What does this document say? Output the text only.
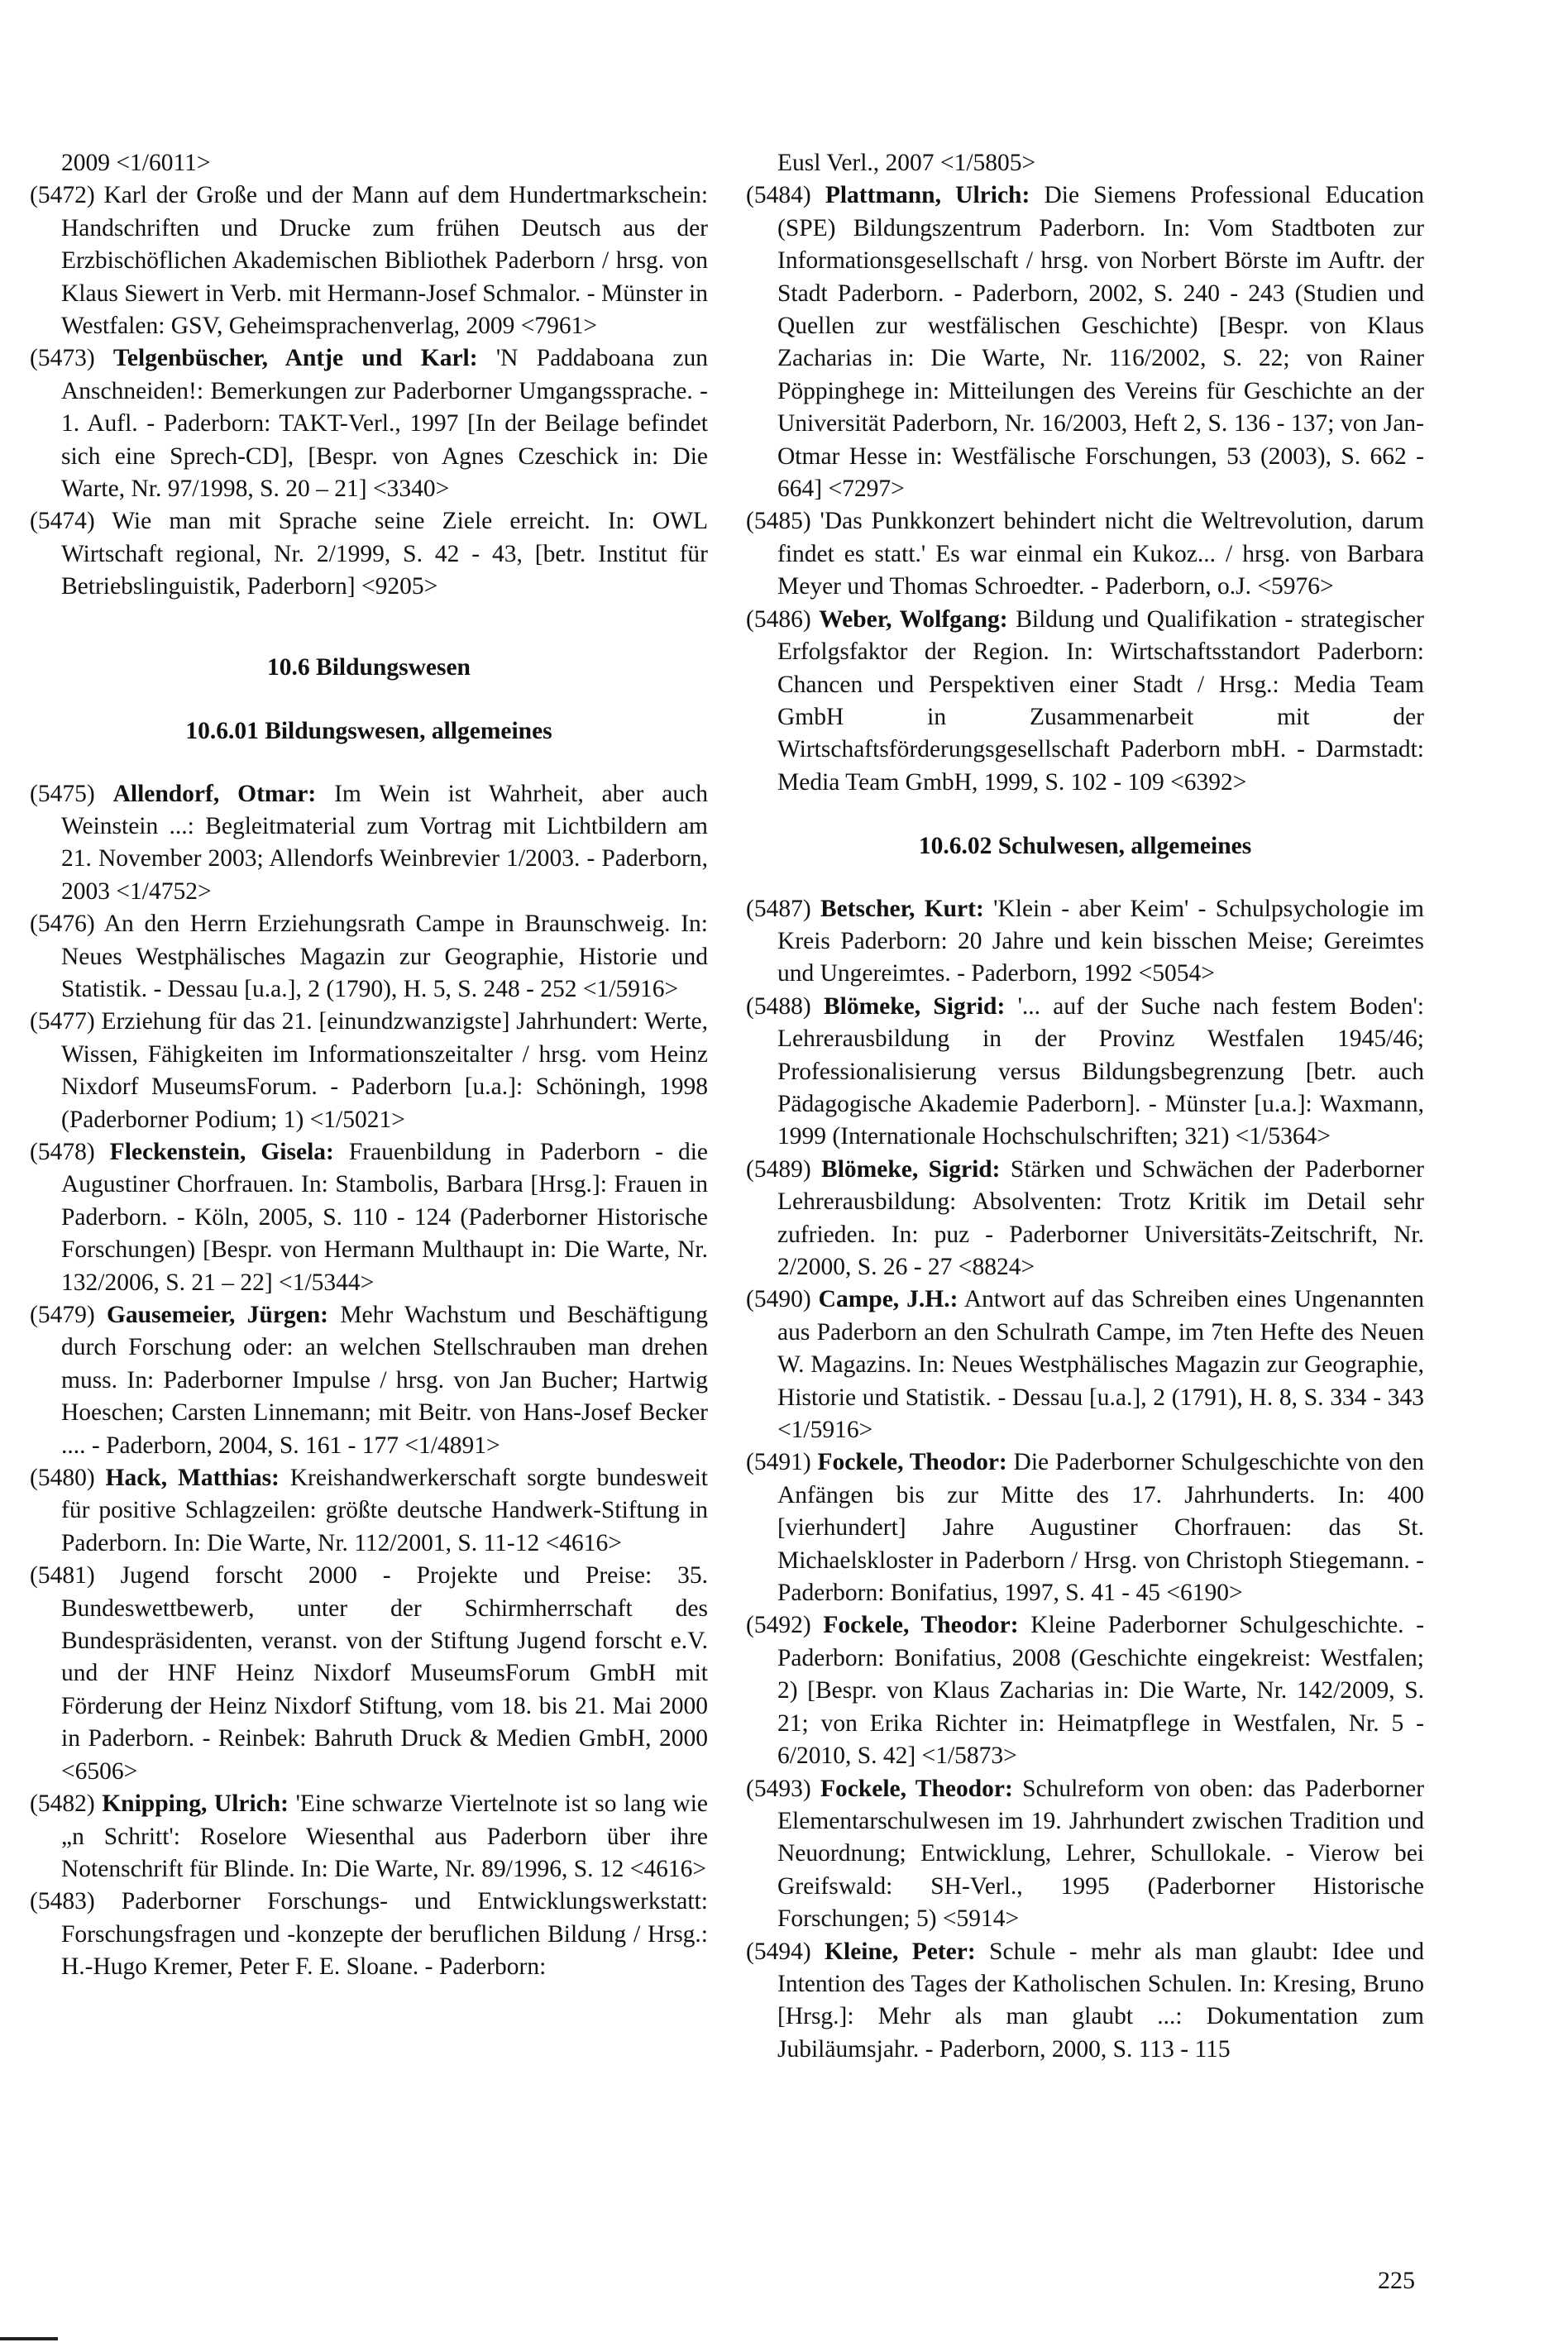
2009 <1/6011>

(5472) Karl der Große und der Mann auf dem Hundertmarkschein: Handschriften und Drucke zum frühen Deutsch aus der Erzbischöflichen Akademischen Bibliothek Paderborn / hrsg. von Klaus Siewert in Verb. mit Hermann-Josef Schmalor. - Münster in Westfalen: GSV, Geheimsprachenverlag, 2009 <7961>

(5473) Telgenbüscher, Antje und Karl: 'N Paddaboana zun Anschneiden!: Bemerkungen zur Paderborner Umgangssprache. - 1. Aufl. - Paderborn: TAKT-Verl., 1997 [In der Beilage befindet sich eine Sprech-CD], [Bespr. von Agnes Czeschick in: Die Warte, Nr. 97/1998, S. 20 – 21] <3340>

(5474) Wie man mit Sprache seine Ziele erreicht. In: OWL Wirtschaft regional, Nr. 2/1999, S. 42 - 43, [betr. Institut für Betriebslinguistik, Paderborn] <9205>

10.6 Bildungswesen

10.6.01 Bildungswesen, allgemeines

(5475) Allendorf, Otmar: Im Wein ist Wahrheit, aber auch Weinstein ...: Begleitmaterial zum Vortrag mit Lichtbildern am 21. November 2003; Allendorfs Weinbrevier 1/2003. - Paderborn, 2003 <1/4752>

(5476) An den Herrn Erziehungsrath Campe in Braunschweig. In: Neues Westphälisches Magazin zur Geographie, Historie und Statistik. - Dessau [u.a.], 2 (1790), H. 5, S. 248 - 252 <1/5916>

(5477) Erziehung für das 21. [einundzwanzigste] Jahrhundert: Werte, Wissen, Fähigkeiten im Informationszeitalter / hrsg. vom Heinz Nixdorf MuseumsForum. - Paderborn [u.a.]: Schöningh, 1998 (Paderborner Podium; 1) <1/5021>

(5478) Fleckenstein, Gisela: Frauenbildung in Paderborn - die Augustiner Chorfrauen. In: Stambolis, Barbara [Hrsg.]: Frauen in Paderborn. - Köln, 2005, S. 110 - 124 (Paderborner Historische Forschungen) [Bespr. von Hermann Multhaupt in: Die Warte, Nr. 132/2006, S. 21 – 22] <1/5344>

(5479) Gausemeier, Jürgen: Mehr Wachstum und Beschäftigung durch Forschung oder: an welchen Stellschrauben man drehen muss. In: Paderborner Impulse / hrsg. von Jan Bucher; Hartwig Hoeschen; Carsten Linnemann; mit Beitr. von Hans-Josef Becker .... - Paderborn, 2004, S. 161 - 177 <1/4891>

(5480) Hack, Matthias: Kreishandwerkerschaft sorgte bundesweit für positive Schlagzeilen: größte deutsche Handwerk-Stiftung in Paderborn. In: Die Warte, Nr. 112/2001, S. 11-12 <4616>

(5481) Jugend forscht 2000 - Projekte und Preise: 35. Bundeswettbewerb, unter der Schirmherrschaft des Bundespräsidenten, veranst. von der Stiftung Jugend forscht e.V. und der HNF Heinz Nixdorf MuseumsForum GmbH mit Förderung der Heinz Nixdorf Stiftung, vom 18. bis 21. Mai 2000 in Paderborn. - Reinbek: Bahruth Druck & Medien GmbH, 2000 <6506>

(5482) Knipping, Ulrich: 'Eine schwarze Viertelnote ist so lang wie „n Schritt': Roselore Wiesenthal aus Paderborn über ihre Notenschrift für Blinde. In: Die Warte, Nr. 89/1996, S. 12 <4616>

(5483) Paderborner Forschungs- und Entwicklungswerkstatt: Forschungsfragen und -konzepte der beruflichen Bildung / Hrsg.: H.-Hugo Kremer, Peter F. E. Sloane. - Paderborn:

Eusl Verl., 2007 <1/5805>

(5484) Plattmann, Ulrich: Die Siemens Professional Education (SPE) Bildungszentrum Paderborn. In: Vom Stadtboten zur Informationsgesellschaft / hrsg. von Norbert Börste im Auftr. der Stadt Paderborn. - Paderborn, 2002, S. 240 - 243 (Studien und Quellen zur westfälischen Geschichte) [Bespr. von Klaus Zacharias in: Die Warte, Nr. 116/2002, S. 22; von Rainer Pöppinghege in: Mitteilungen des Vereins für Geschichte an der Universität Paderborn, Nr. 16/2003, Heft 2, S. 136 - 137; von Jan-Otmar Hesse in: Westfälische Forschungen, 53 (2003), S. 662 - 664] <7297>

(5485) 'Das Punkkonzert behindert nicht die Weltrevolution, darum findet es statt.' Es war einmal ein Kukoz... / hrsg. von Barbara Meyer und Thomas Schroedter. - Paderborn, o.J. <5976>

(5486) Weber, Wolfgang: Bildung und Qualifikation - strategischer Erfolgsfaktor der Region. In: Wirtschaftsstandort Paderborn: Chancen und Perspektiven einer Stadt / Hrsg.: Media Team GmbH in Zusammenarbeit mit der Wirtschaftsförderungsgesellschaft Paderborn mbH. - Darmstadt: Media Team GmbH, 1999, S. 102 - 109 <6392>

10.6.02 Schulwesen, allgemeines

(5487) Betscher, Kurt: 'Klein - aber Keim' - Schulpsychologie im Kreis Paderborn: 20 Jahre und kein bisschen Meise; Gereimtes und Ungereimtes. - Paderborn, 1992 <5054>

(5488) Blömeke, Sigrid: '... auf der Suche nach festem Boden': Lehrerausbildung in der Provinz Westfalen 1945/46; Professionalisierung versus Bildungsbegrenzung [betr. auch Pädagogische Akademie Paderborn]. - Münster [u.a.]: Waxmann, 1999 (Internationale Hochschulschriften; 321) <1/5364>

(5489) Blömeke, Sigrid: Stärken und Schwächen der Paderborner Lehrerausbildung: Absolventen: Trotz Kritik im Detail sehr zufrieden. In: puz - Paderborner Universitäts-Zeitschrift, Nr. 2/2000, S. 26 - 27 <8824>

(5490) Campe, J.H.: Antwort auf das Schreiben eines Ungenannten aus Paderborn an den Schulrath Campe, im 7ten Hefte des Neuen W. Magazins. In: Neues Westphälisches Magazin zur Geographie, Historie und Statistik. - Dessau [u.a.], 2 (1791), H. 8, S. 334 - 343 <1/5916>

(5491) Fockele, Theodor: Die Paderborner Schulgeschichte von den Anfängen bis zur Mitte des 17. Jahrhunderts. In: 400 [vierhundert] Jahre Augustiner Chorfrauen: das St. Michaelskloster in Paderborn / Hrsg. von Christoph Stiegemann. - Paderborn: Bonifatius, 1997, S. 41 - 45 <6190>

(5492) Fockele, Theodor: Kleine Paderborner Schulgeschichte. - Paderborn: Bonifatius, 2008 (Geschichte eingekreist: Westfalen; 2) [Bespr. von Klaus Zacharias in: Die Warte, Nr. 142/2009, S. 21; von Erika Richter in: Heimatpflege in Westfalen, Nr. 5 - 6/2010, S. 42] <1/5873>

(5493) Fockele, Theodor: Schulreform von oben: das Paderborner Elementarschulwesen im 19. Jahrhundert zwischen Tradition und Neuordnung; Entwicklung, Lehrer, Schullokale. - Vierow bei Greifswald: SH-Verl., 1995 (Paderborner Historische Forschungen; 5) <5914>

(5494) Kleine, Peter: Schule - mehr als man glaubt: Idee und Intention des Tages der Katholischen Schulen. In: Kresing, Bruno [Hrsg.]: Mehr als man glaubt ...: Dokumentation zum Jubiläumsjahr. - Paderborn, 2000, S. 113 - 115

225
